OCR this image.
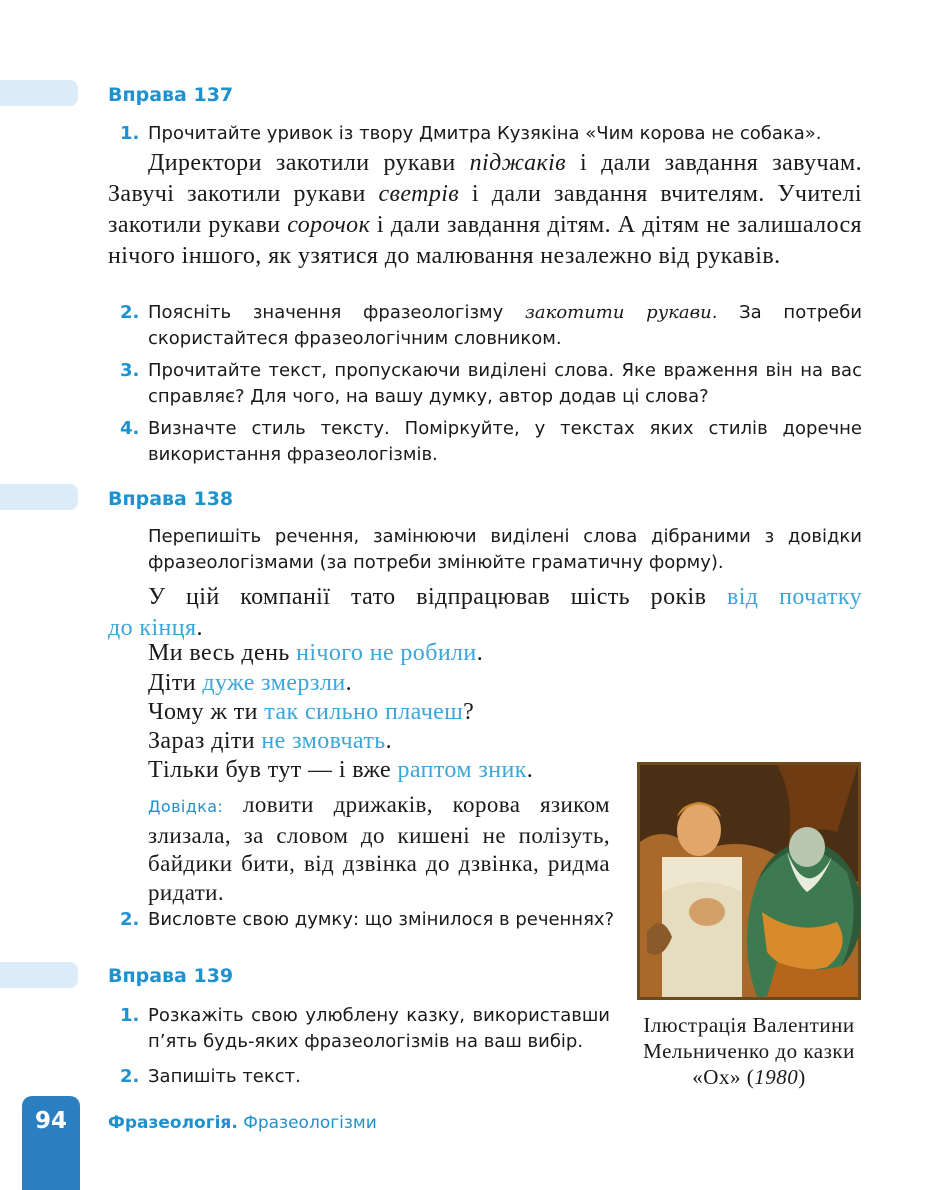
Вправа 137
1. Прочитайте уривок із твору Дмитра Кузякіна «Чим корова не собака».
Директори закотили рукави піджаків і дали завдання завучам. Завучі закотили рукави светрів і дали завдання вчителям. Учителі закотили рукави сорочок і дали завдання дітям. А дітям не залишалося нічого іншого, як узятися до малювання незалежно від рукавів.
2. Поясніть значення фразеологізму закотити рукави. За потреби скористайтеся фразеологічним словником.
3. Прочитайте текст, пропускаючи виділені слова. Яке враження він на вас справляє? Для чого, на вашу думку, автор додав ці слова?
4. Визначте стиль тексту. Поміркуйте, у текстах яких стилів доречне використання фразеологізмів.
Вправа 138
Перепишіть речення, замінюючи виділені слова дібраними з довідки фразеологізмами (за потреби змінюйте граматичну форму).
У цій компанії тато відпрацював шість років від початку
до кінця.
Ми весь день нічого не робили.
Діти дуже змерзли.
Чому ж ти так сильно плачеш?
Зараз діти не змовчать.
Тільки був тут — і вже раптом зник.
Довідка: ловити дрижаків, корова язиком злизала, за словом до кишені не полізуть, байдики бити, від дзвінка до дзвінка, ридма ридати.
2. Висловте свою думку: що змінилося в реченнях?
Вправа 139
1. Розкажіть свою улюблену казку, використавши п’ять будь-яких фразеологізмів на ваш вибір.
2. Запишіть текст.
Ілюстрація Валентини Мельниченко до казки «Ох» (1980)
94	Фразеологія. Фразеологізми
